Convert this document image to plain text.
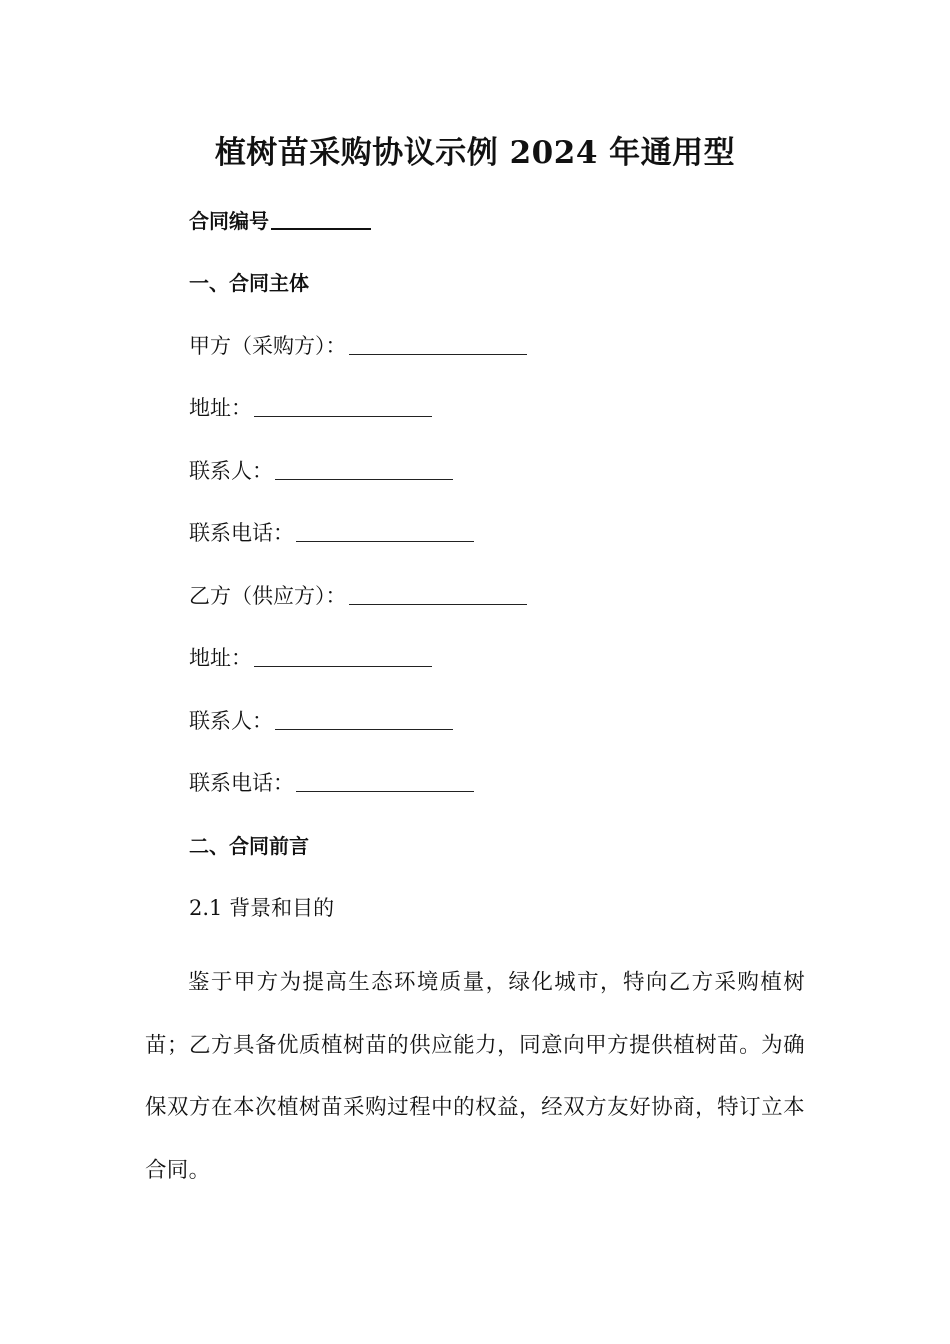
植树苗采购协议示例 2024 年通用型
合同编号
一、合同主体
甲方（采购方）：
地址：
联系人：
联系电话：
乙方（供应方）：
地址：
联系人：
联系电话：
二、合同前言
2.1 背景和目的
鉴于甲方为提高生态环境质量，绿化城市，特向乙方采购植树苗；乙方具备优质植树苗的供应能力，同意向甲方提供植树苗。为确保双方在本次植树苗采购过程中的权益，经双方友好协商，特订立本合同。
